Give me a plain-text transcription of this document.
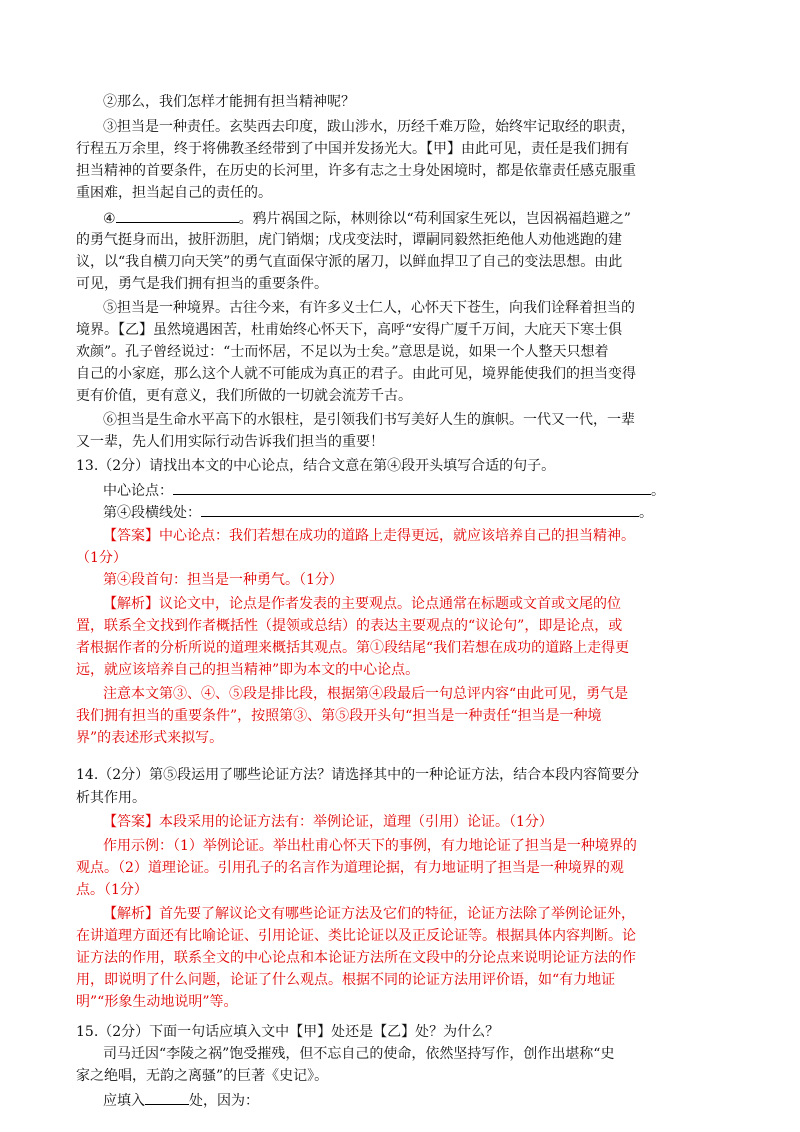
②那么，我们怎样才能拥有担当精神呢？
③担当是一种责任。玄奘西去印度，跋山涉水，历经千难万险，始终牢记取经的职责，
行程五万余里，终于将佛教圣经带到了中国并发扬光大。【甲】由此可见，责任是我们拥有
担当精神的首要条件，在历史的长河里，许多有志之士身处困境时，都是依靠责任感克服重
重困难，担当起自己的责任的。
④	。鸦片祸国之际，林则徐以“苟利国家生死以，岂因祸福趋避之”
的勇气挺身而出，披肝沥胆，虎门销烟；戊戌变法时，谭嗣同毅然拒绝他人劝他逃跑的建
议，以“我自横刀向天笑”的勇气直面保守派的屠刀，以鲜血捍卫了自己的变法思想。由此
可见，勇气是我们拥有担当的重要条件。
⑤担当是一种境界。古往今来，有许多义士仁人，心怀天下苍生，向我们诠释着担当的
境界。【乙】虽然境遇困苦，杜甫始终心怀天下，高呼“安得广厦千万间，大庇天下寒士俱
欢颜”。孔子曾经说过：“士而怀居，不足以为士矣。”意思是说，如果一个人整天只想着
自己的小家庭，那么这个人就不可能成为真正的君子。由此可见，境界能使我们的担当变得
更有价值，更有意义，我们所做的一切就会流芳千古。
⑥担当是生命水平高下的水银柱，是引领我们书写美好人生的旗帜。一代又一代，一辈
又一辈，先人们用实际行动告诉我们担当的重要！
13.（2分）请找出本文的中心论点，结合文意在第④段开头填写合适的句子。
中心论点：	。
第④段横线处：	。
【答案】中心论点：我们若想在成功的道路上走得更远，就应该培养自己的担当精神。
（1分）
第④段首句：担当是一种勇气。（1分）
【解析】议论文中，论点是作者发表的主要观点。论点通常在标题或文首或文尾的位
置，联系全文找到作者概括性（提领或总结）的表达主要观点的“议论句”，即是论点，或
者根据作者的分析所说的道理来概括其观点。第①段结尾“我们若想在成功的道路上走得更
远，就应该培养自己的担当精神”即为本文的中心论点。
注意本文第③、④、⑤段是排比段，根据第④段最后一句总评内容“由此可见，勇气是
我们拥有担当的重要条件”，按照第③、第⑤段开头句“担当是一种责任“担当是一种境
界”的表述形式来拟写。
14.（2分）第⑤段运用了哪些论证方法？请选择其中的一种论证方法，结合本段内容简要分
析其作用。
【答案】本段采用的论证方法有：举例论证，道理（引用）论证。（1分）
作用示例：（1）举例论证。举出杜甫心怀天下的事例，有力地论证了担当是一种境界的
观点。（2）道理论证。引用孔子的名言作为道理论据，有力地证明了担当是一种境界的观
点。（1分）
【解析】首先要了解议论文有哪些论证方法及它们的特征，论证方法除了举例论证外，
在讲道理方面还有比喻论证、引用论证、类比论证以及正反论证等。根据具体内容判断。论
证方法的作用，联系全文的中心论点和本论证方法所在文段中的分论点来说明论证方法的作
用，即说明了什么问题，论证了什么观点。根据不同的论证方法用评价语，如“有力地证
明”“形象生动地说明”等。
15.（2分）下面一句话应填入文中【甲】处还是【乙】处？为什么？
司马迁因“李陵之祸”饱受摧残，但不忘自己的使命，依然坚持写作，创作出堪称“史
家之绝唱，无韵之离骚”的巨著《史记》。
应填入	处，因为：
